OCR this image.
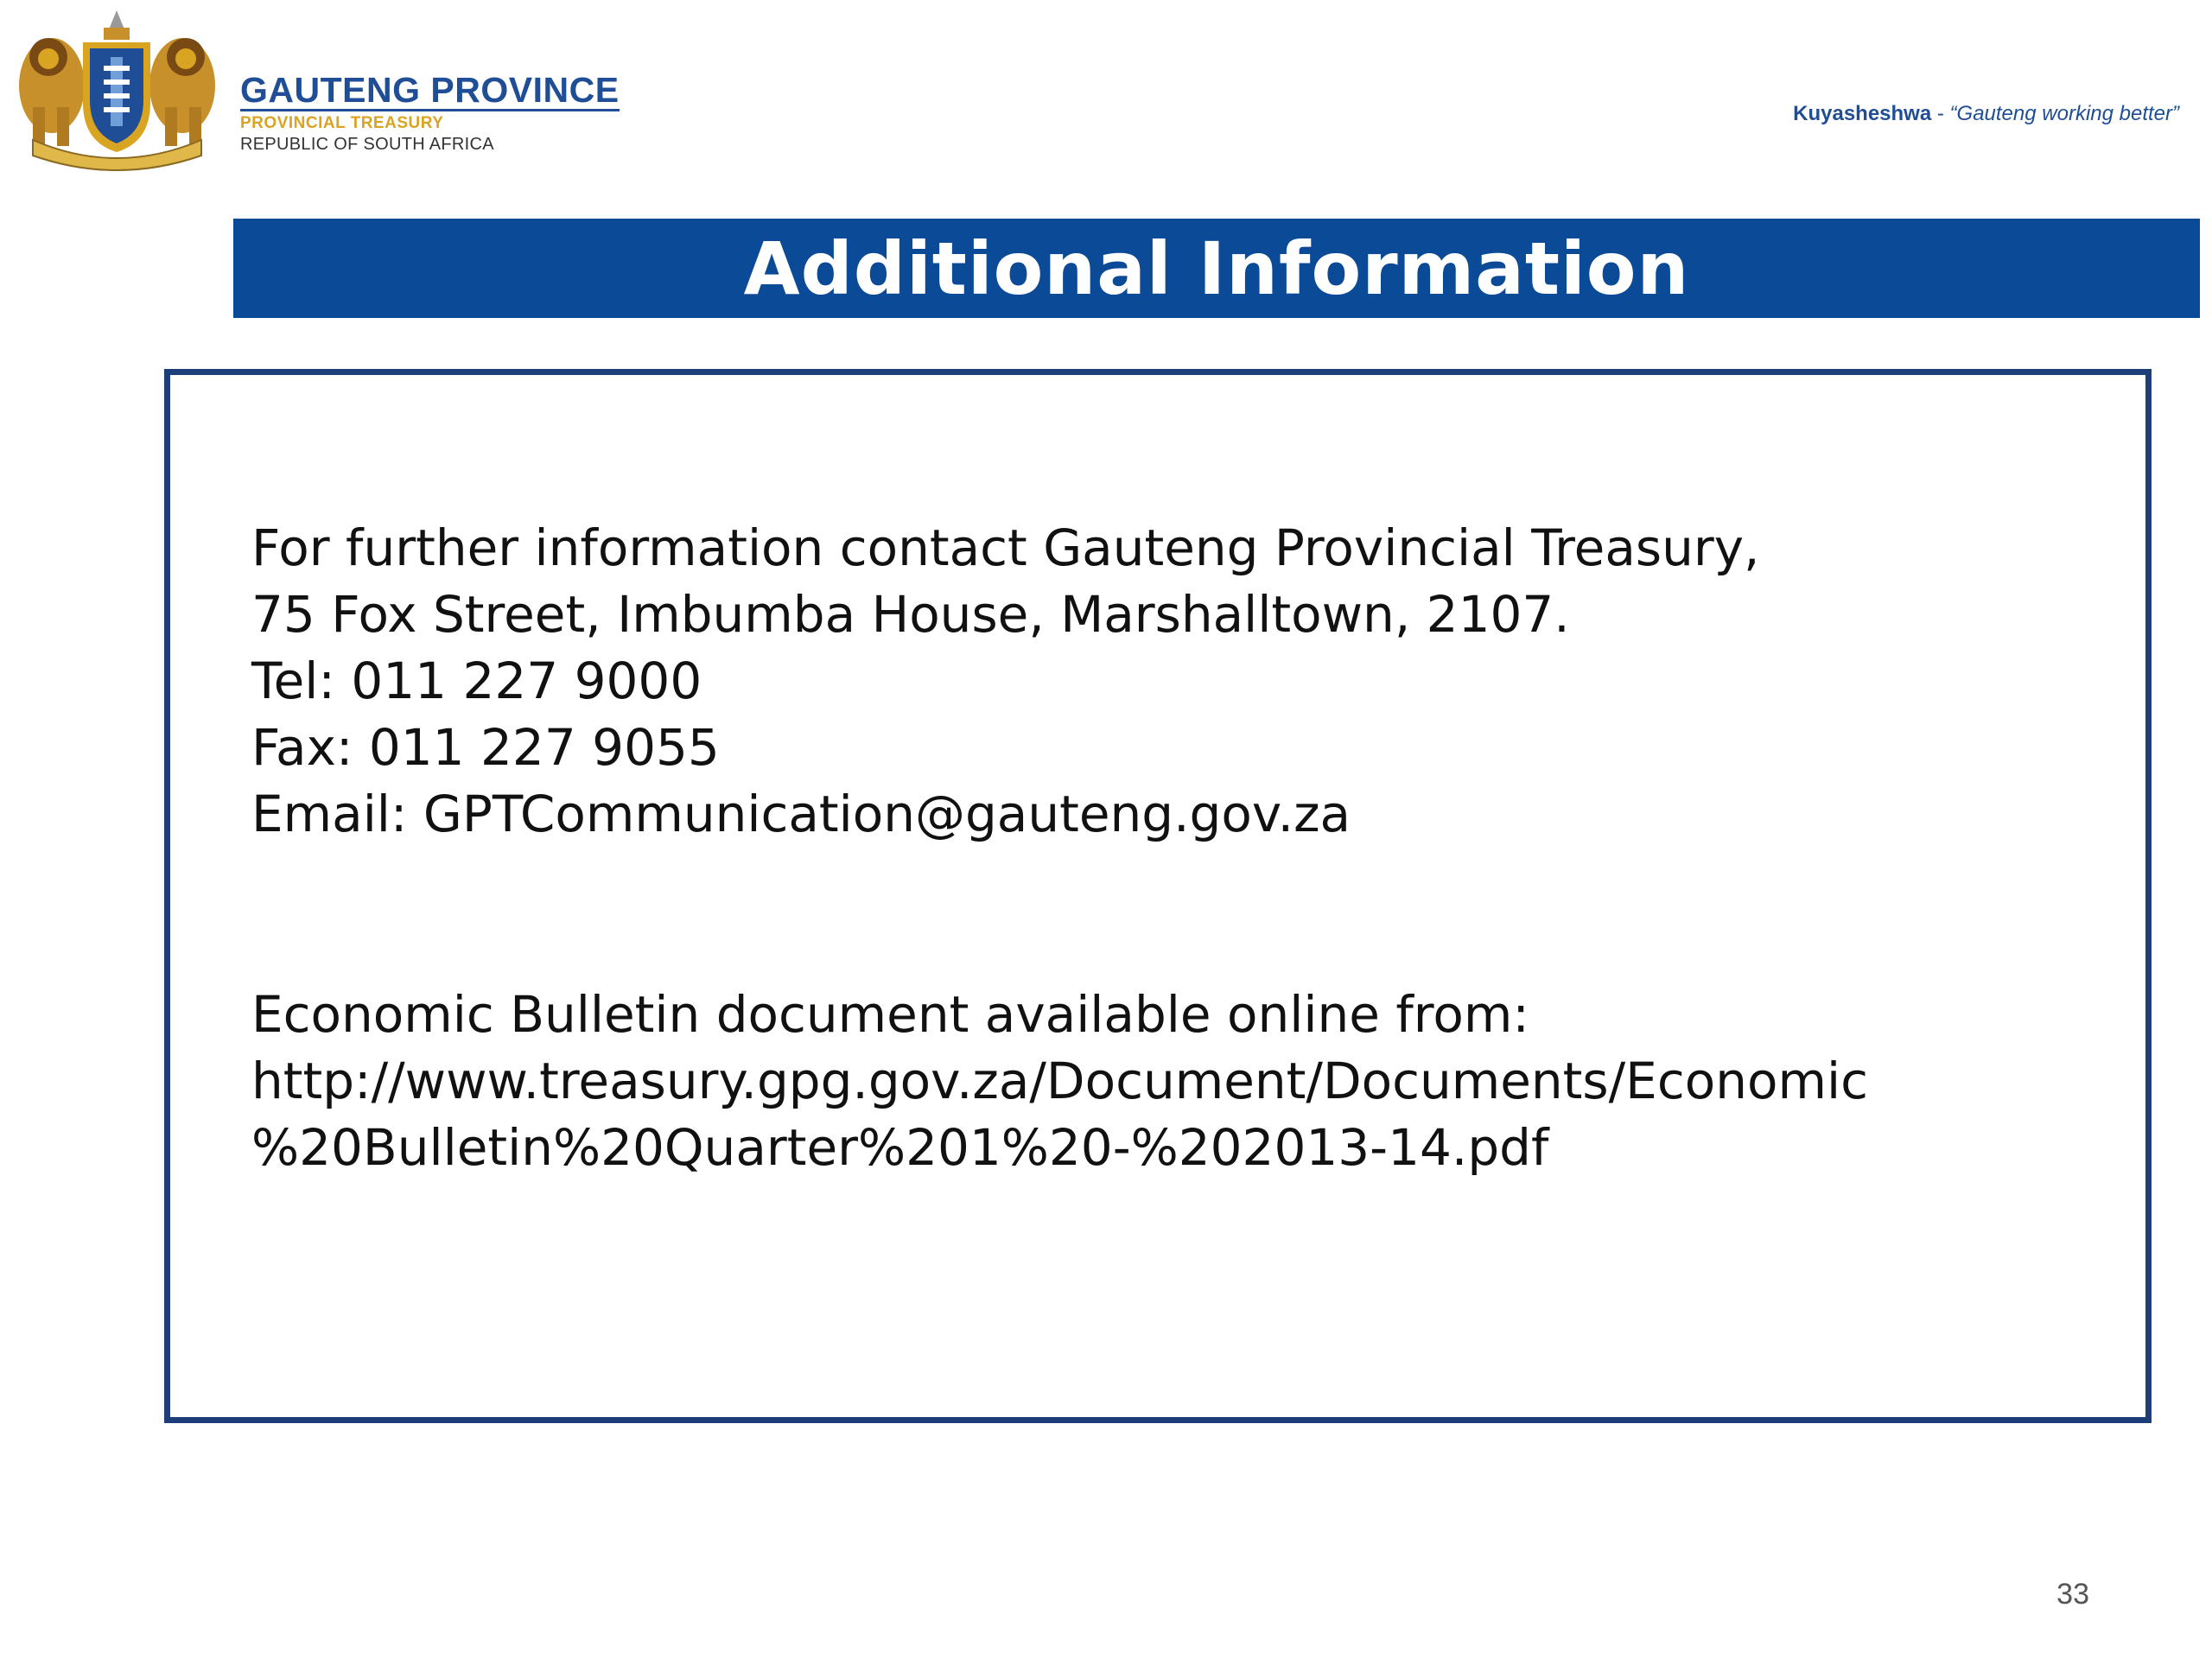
GAUTENG PROVINCE
PROVINCIAL TREASURY
REPUBLIC OF SOUTH AFRICA
Kuyasheshwa - “Gauteng working better”
Additional Information
For further information contact Gauteng Provincial Treasury,
75 Fox Street, Imbumba House, Marshalltown, 2107.
Tel: 011 227 9000
Fax: 011 227 9055
Email: GPTCommunication@gauteng.gov.za
Economic Bulletin document available online from:
http://www.treasury.gpg.gov.za/Document/Documents/Economic
%20Bulletin%20Quarter%201%20-%202013-14.pdf
33
